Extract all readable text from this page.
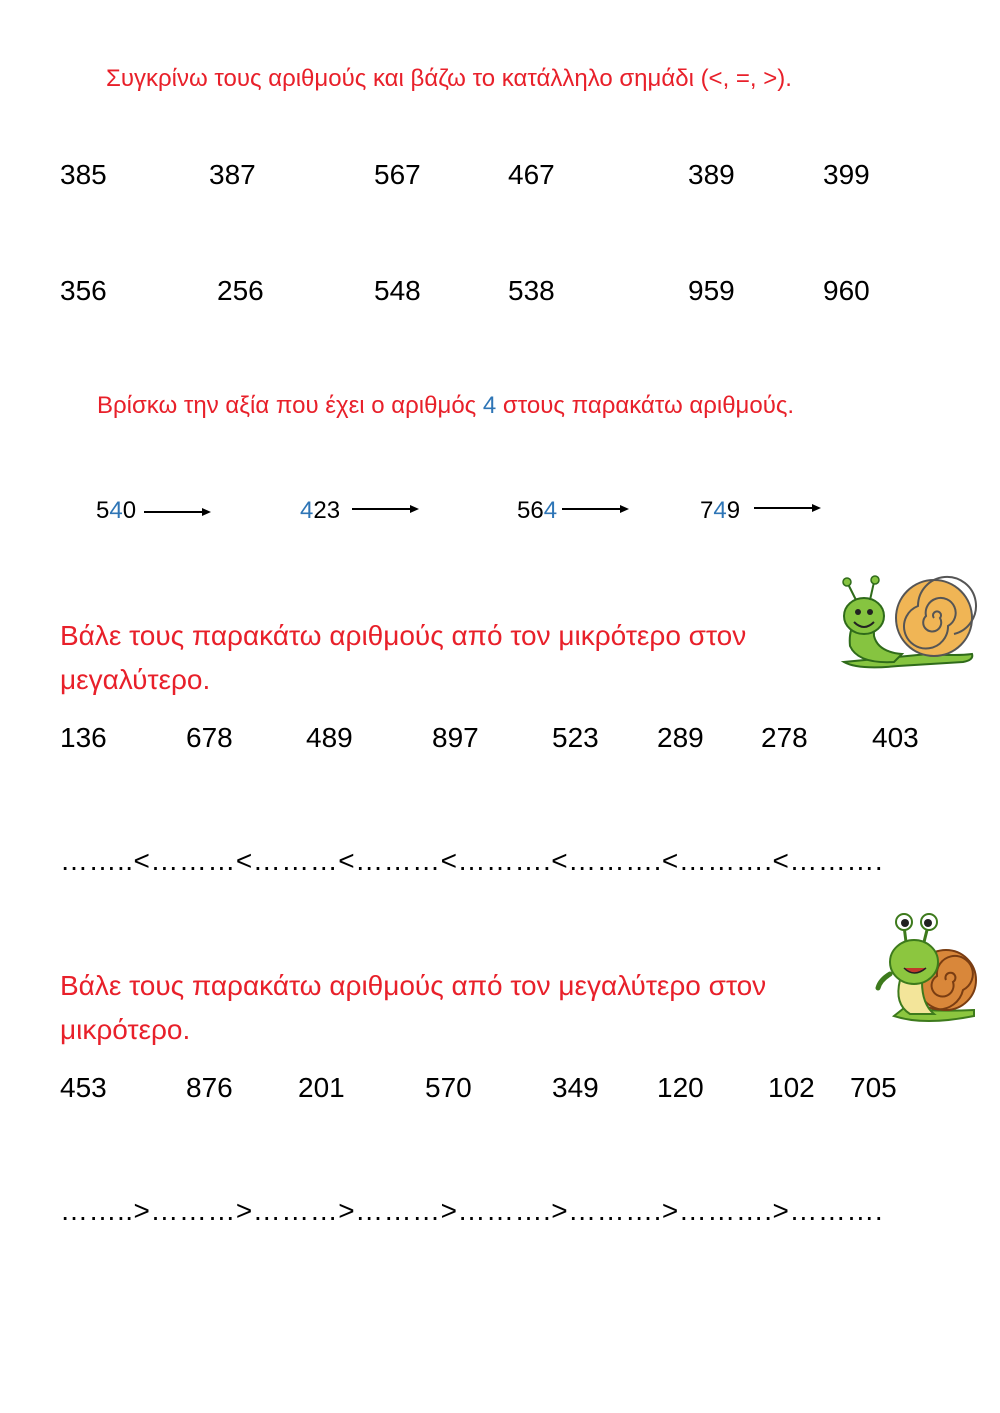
Συγκρίνω τους αριθμούς και βάζω το κατάλληλο σημάδι (<, =, >).
385	387	567	467	389	399
356	256	548	538	959	960
Βρίσκω την αξία που έχει ο αριθμός 4 στους παρακάτω αριθμούς.
540	423	564	749
Βάλε τους παρακάτω αριθμούς από τον μικρότερο στον μεγαλύτερο.
136	678	489	897	523 289 278 403
……..<………<………<………<……….<……….<……….<……….
Βάλε τους παρακάτω αριθμούς από τον μεγαλύτερο στον μικρότερο.
453	876 201	570	349 120 102 705
……..>………>………>………>……….>……….>……….>……….
